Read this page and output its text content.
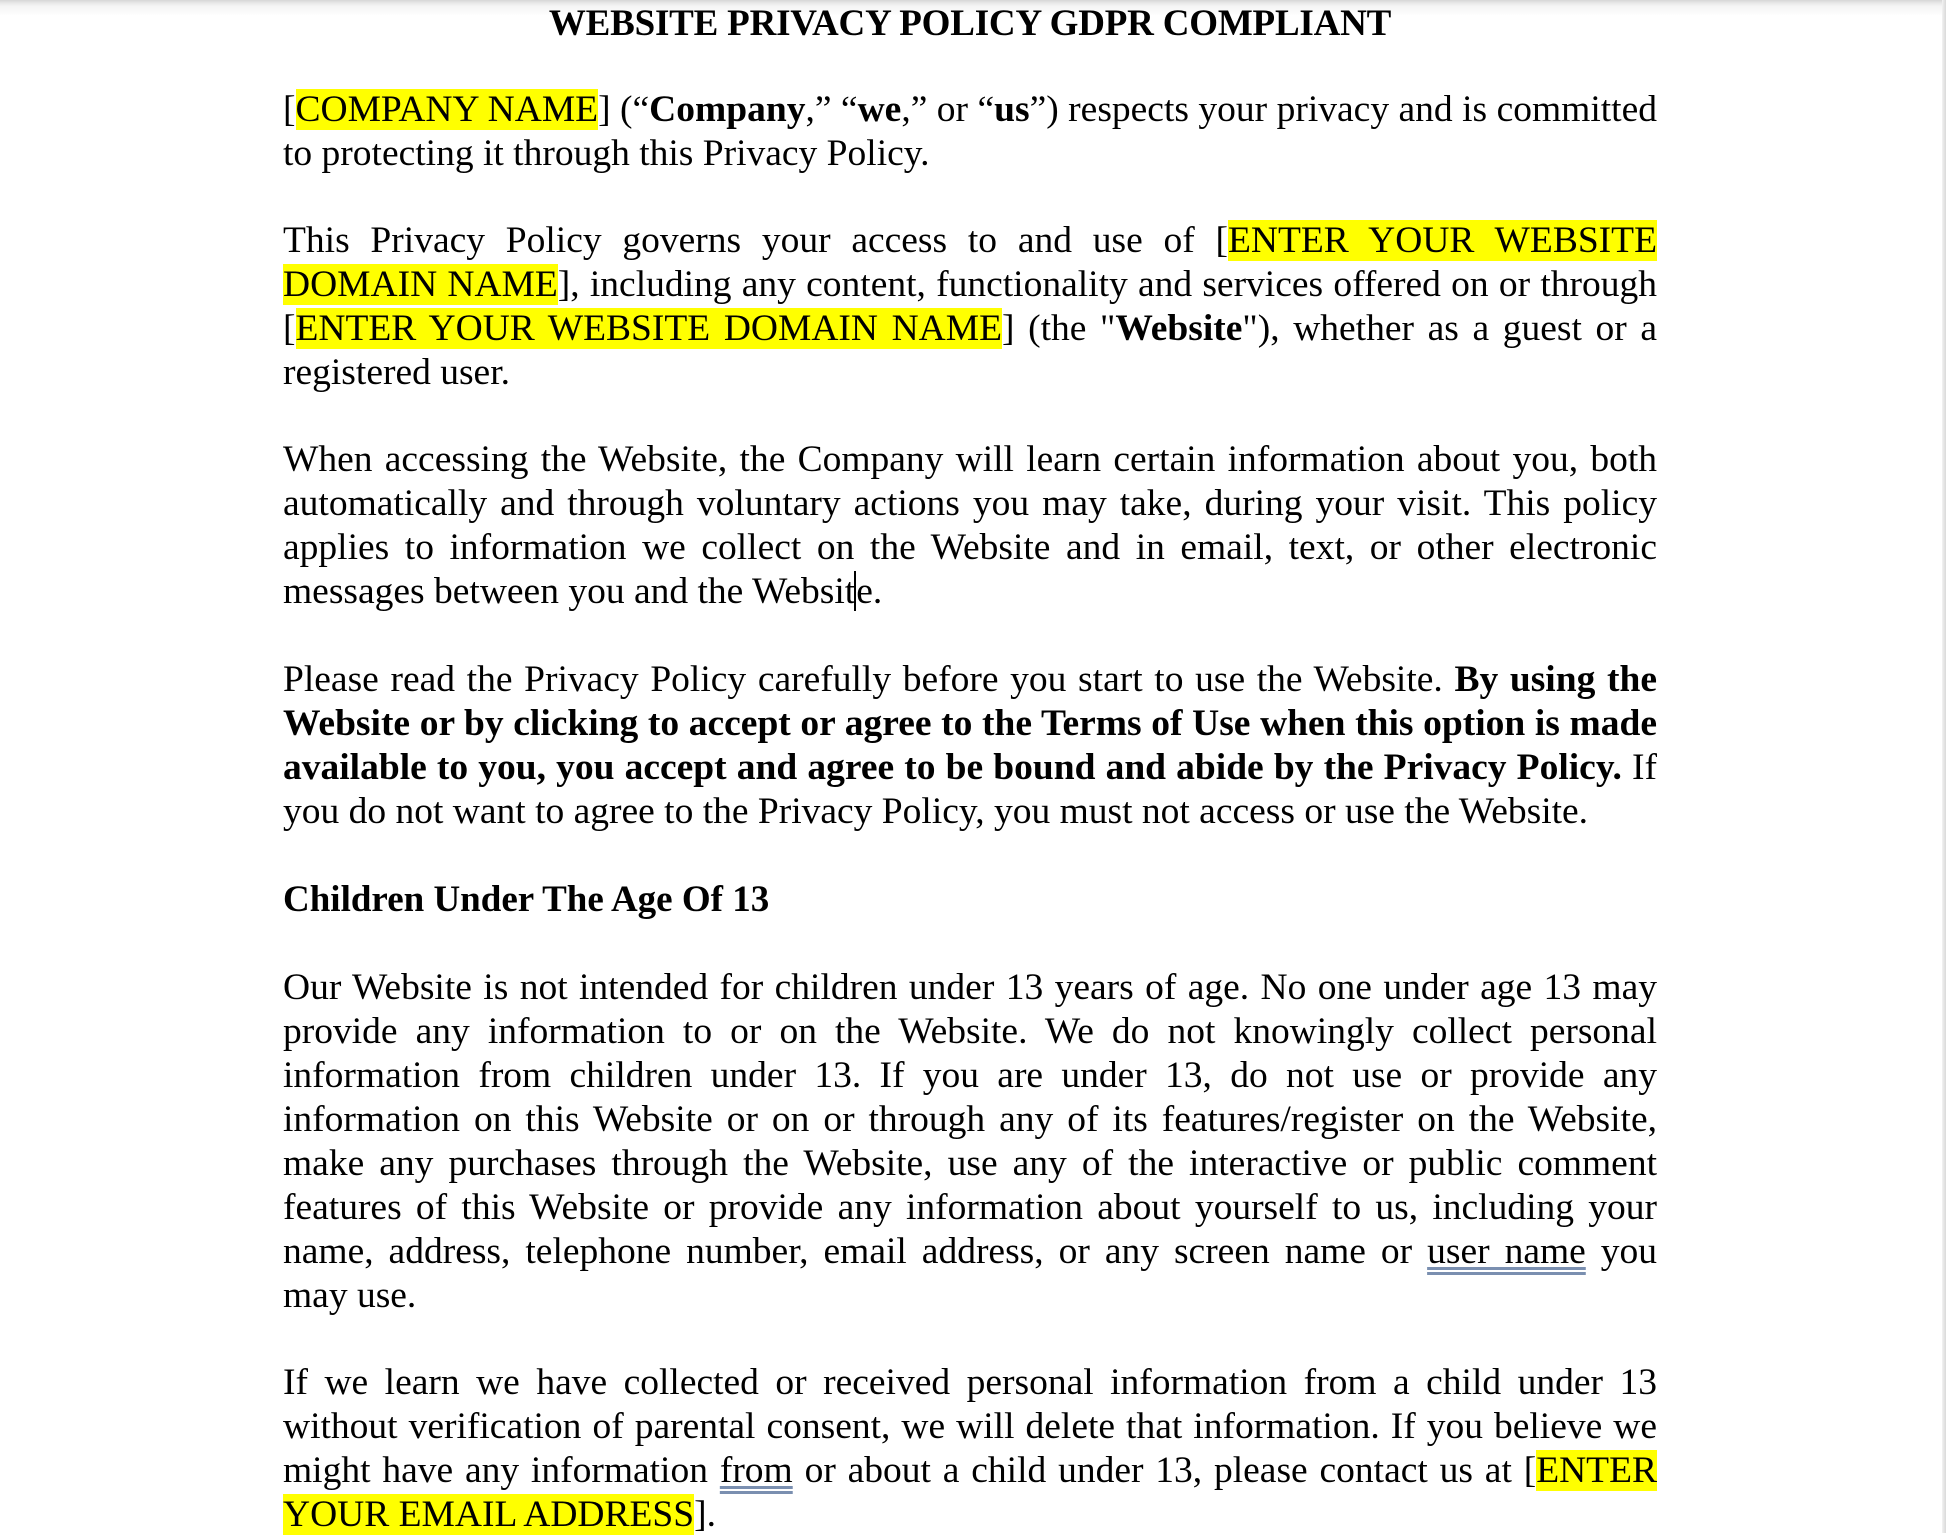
WEBSITE PRIVACY POLICY GDPR COMPLIANT

[COMPANY NAME] (“Company,” “we,” or “us”) respects your privacy and is committed to protecting it through this Privacy Policy.

This Privacy Policy governs your access to and use of [ENTER YOUR WEBSITE DOMAIN NAME], including any content, functionality and services offered on or through [ENTER YOUR WEBSITE DOMAIN NAME] (the "Website"), whether as a guest or a registered user.

When accessing the Website, the Company will learn certain information about you, both automatically and through voluntary actions you may take, during your visit. This policy applies to information we collect on the Website and in email, text, or other electronic messages between you and the Website.

Please read the Privacy Policy carefully before you start to use the Website. By using the Website or by clicking to accept or agree to the Terms of Use when this option is made available to you, you accept and agree to be bound and abide by the Privacy Policy. If you do not want to agree to the Privacy Policy, you must not access or use the Website.

Children Under The Age Of 13

Our Website is not intended for children under 13 years of age. No one under age 13 may provide any information to or on the Website. We do not knowingly collect personal information from children under 13. If you are under 13, do not use or provide any information on this Website or on or through any of its features/register on the Website, make any purchases through the Website, use any of the interactive or public comment features of this Website or provide any information about yourself to us, including your name, address, telephone number, email address, or any screen name or user name you may use.

If we learn we have collected or received personal information from a child under 13 without verification of parental consent, we will delete that information. If you believe we might have any information from or about a child under 13, please contact us at [ENTER YOUR EMAIL ADDRESS].
